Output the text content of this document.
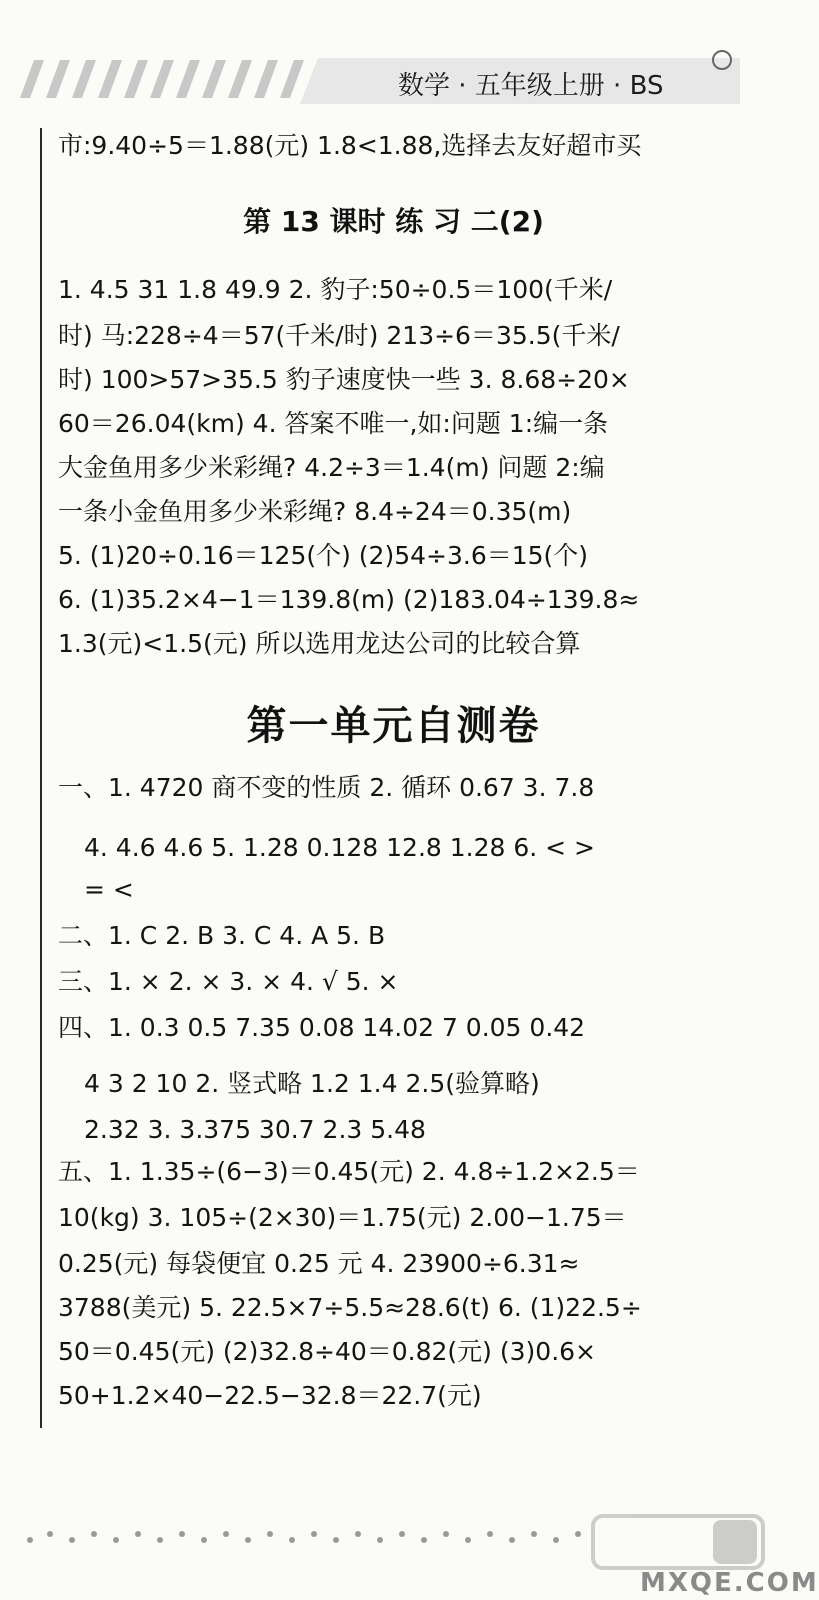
数学 · 五年级上册 · BS
市:9.40÷5＝1.88(元) 1.8<1.88,选择去友好超市买
第 13 课时 练 习 二(2)
1. 4.5 31 1.8 49.9 2. 豹子:50÷0.5＝100(千米/
时) 马:228÷4＝57(千米/时) 213÷6＝35.5(千米/
时) 100>57>35.5 豹子速度快一些 3. 8.68÷20×
60＝26.04(km) 4. 答案不唯一,如:问题 1:编一条
大金鱼用多少米彩绳? 4.2÷3＝1.4(m) 问题 2:编
一条小金鱼用多少米彩绳? 8.4÷24＝0.35(m)
5. (1)20÷0.16＝125(个) (2)54÷3.6＝15(个)
6. (1)35.2×4−1＝139.8(m) (2)183.04÷139.8≈
1.3(元)<1.5(元) 所以选用龙达公司的比较合算
第一单元自测卷
一、1. 4720 商不变的性质 2. 循环 0.67 3. 7.8
4. 4.6 4.6 5. 1.28 0.128 12.8 1.28 6. < >
= <
二、1. C 2. B 3. C 4. A 5. B
三、1. × 2. × 3. × 4. √ 5. ×
四、1. 0.3 0.5 7.35 0.08 14.02 7 0.05 0.42
4 3 2 10 2. 竖式略 1.2 1.4 2.5(验算略)
2.32 3. 3.375 30.7 2.3 5.48
五、1. 1.35÷(6−3)＝0.45(元) 2. 4.8÷1.2×2.5＝
10(kg) 3. 105÷(2×30)＝1.75(元) 2.00−1.75＝
0.25(元) 每袋便宜 0.25 元 4. 23900÷6.31≈
3788(美元) 5. 22.5×7÷5.5≈28.6(t) 6. (1)22.5÷
50＝0.45(元) (2)32.8÷40＝0.82(元) (3)0.6×
50+1.2×40−22.5−32.8＝22.7(元)
MXQE.COM
